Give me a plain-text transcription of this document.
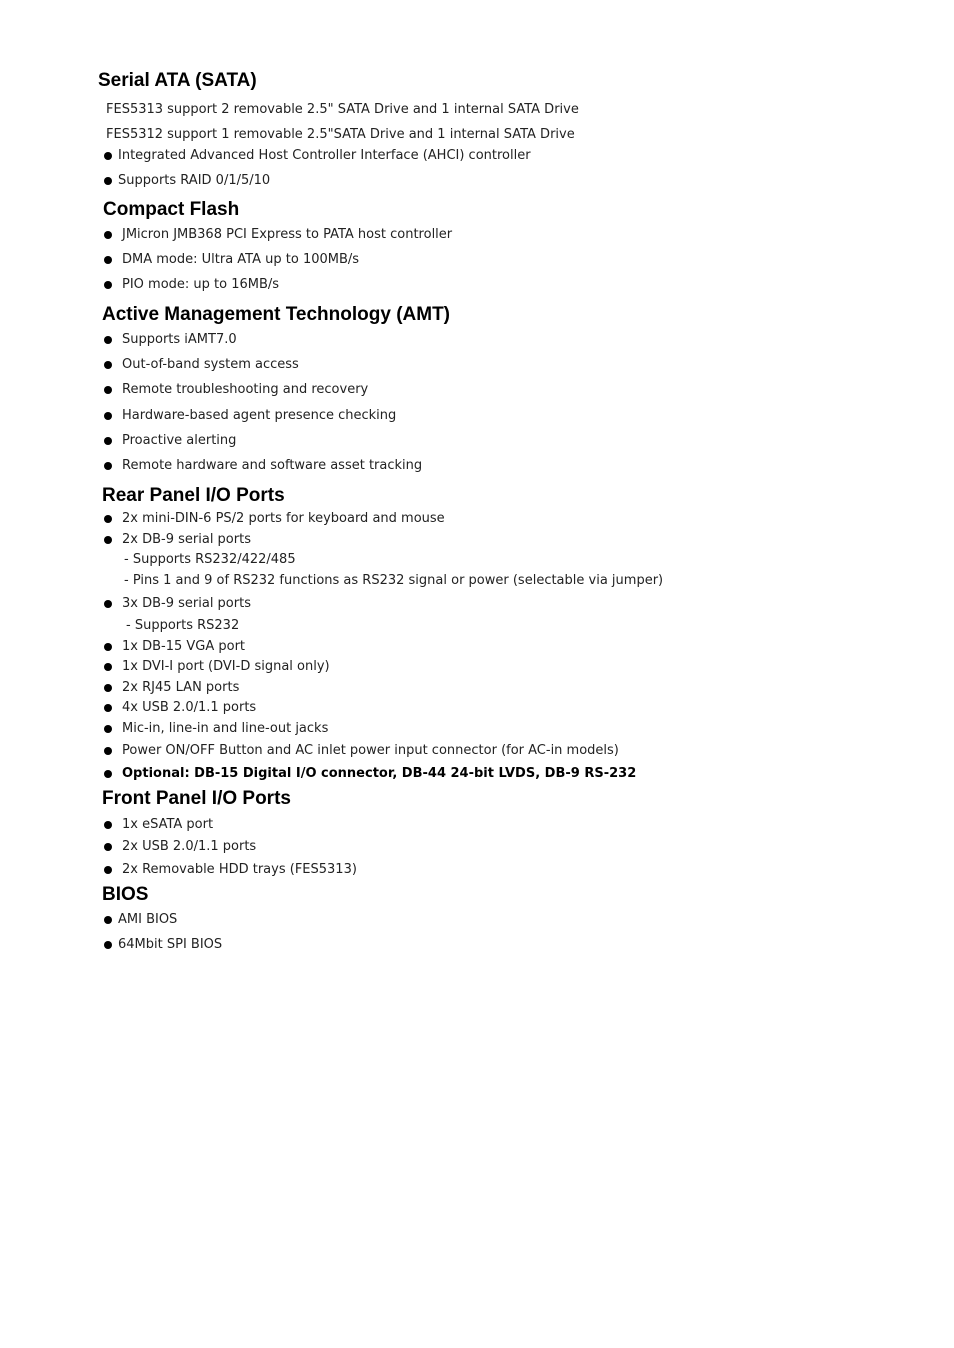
Serial ATA (SATA)
FES5313 support 2 removable 2.5" SATA Drive and 1 internal SATA Drive
FES5312 support 1 removable 2.5"SATA Drive and 1 internal SATA Drive
Integrated Advanced Host Controller Interface (AHCI) controller
Supports RAID 0/1/5/10
Compact Flash
JMicron JMB368 PCI Express to PATA host controller
DMA mode: Ultra ATA up to 100MB/s
PIO mode: up to 16MB/s
Active Management Technology (AMT)
Supports iAMT7.0
Out-of-band system access
Remote troubleshooting and recovery
Hardware-based agent presence checking
Proactive alerting
Remote hardware and software asset tracking
Rear Panel I/O Ports
2x mini-DIN-6 PS/2 ports for keyboard and mouse
2x DB-9 serial ports
- Supports RS232/422/485
- Pins 1 and 9 of RS232 functions as RS232 signal or power (selectable via jumper)
3x DB-9 serial ports
- Supports RS232
1x DB-15 VGA port
1x DVI-I port (DVI-D signal only)
2x RJ45 LAN ports
4x USB 2.0/1.1 ports
Mic-in, line-in and line-out jacks
Power ON/OFF Button and AC inlet power input connector (for AC-in models)
Optional: DB-15 Digital I/O connector, DB-44 24-bit LVDS, DB-9 RS-232
Front Panel I/O Ports
1x eSATA port
2x USB 2.0/1.1 ports
2x Removable HDD trays (FES5313)
BIOS
AMI BIOS
64Mbit SPI BIOS
